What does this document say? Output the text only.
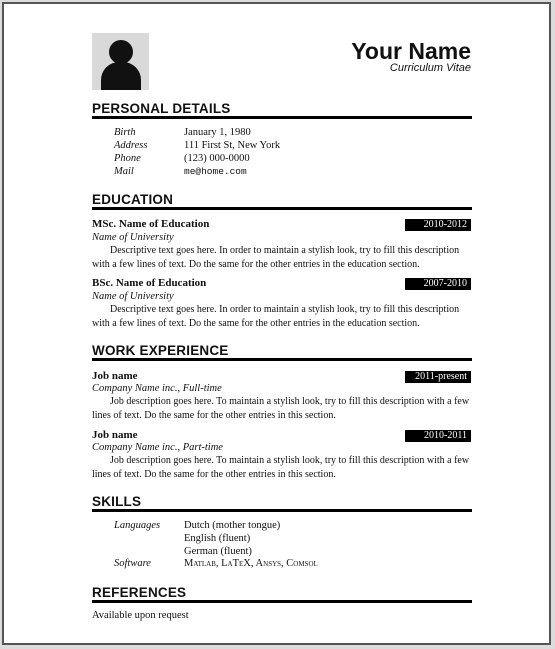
Your Name
Curriculum Vitae
PERSONAL DETAILS
Birth	January 1, 1980
Address	111 First St, New York
Phone	(123) 000-0000
Mail	me@home.com
EDUCATION
MSc. Name of Education	2010-2012
Name of University
Descriptive text goes here. In order to maintain a stylish look, try to fill this description with a few lines of text. Do the same for the other entries in the education section.
BSc. Name of Education	2007-2010
Name of University
Descriptive text goes here. In order to maintain a stylish look, try to fill this description with a few lines of text. Do the same for the other entries in the education section.
WORK EXPERIENCE
Job name	2011-present
Company Name inc., Full-time
Job description goes here. To maintain a stylish look, try to fill this description with a few lines of text. Do the same for the other entries in this section.
Job name	2010-2011
Company Name inc., Part-time
Job description goes here. To maintain a stylish look, try to fill this description with a few lines of text. Do the same for the other entries in this section.
SKILLS
Languages Dutch (mother tongue)
English (fluent)
German (fluent)
Software	Matlab, LaTeX, Ansys, Comsol
REFERENCES
Available upon request
